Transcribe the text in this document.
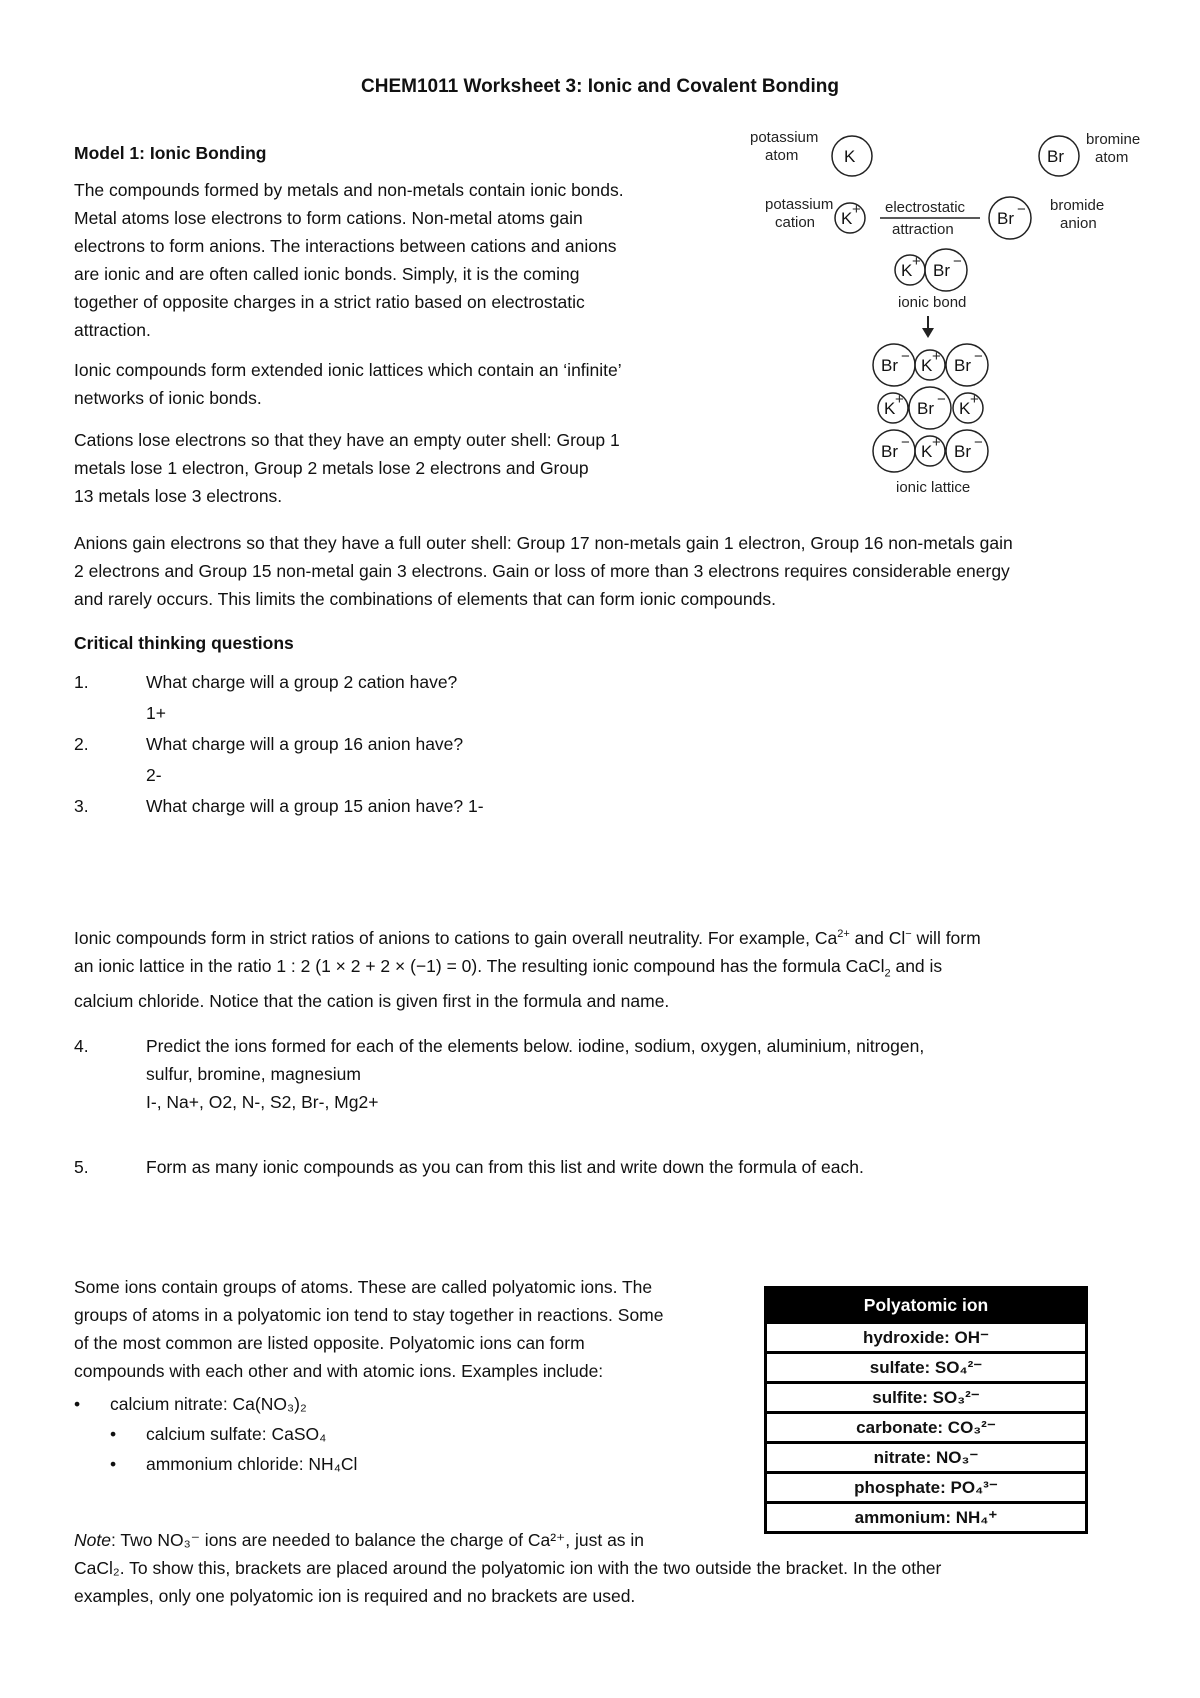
CHEM1011 Worksheet 3: Ionic and Covalent Bonding
Model 1: Ionic Bonding
The compounds formed by metals and non-metals contain ionic bonds.
Metal atoms lose electrons to form cations. Non-metal atoms gain
electrons to form anions. The interactions between cations and anions
are ionic and are often called ionic bonds. Simply, it is the coming
together of opposite charges in a strict ratio based on electrostatic
attraction.
Ionic compounds form extended ionic lattices which contain an ‘infinite’
networks of ionic bonds.
Cations lose electrons so that they have an empty outer shell: Group 1
metals lose 1 electron, Group 2 metals lose 2 electrons and Group
13 metals lose 3 electrons.
potassium
atom	K	Br
bromine
atom
potassium
cation K + electrostatic
attraction
Br − bromide
anion
K + Br −
ionic bond
Br − K + Br −
K + Br − K +
Br − K + Br −
ionic lattice
Anions gain electrons so that they have a full outer shell: Group 17 non-metals gain 1 electron, Group 16 non-metals gain
2 electrons and Group 15 non-metal gain 3 electrons. Gain or loss of more than 3 electrons requires considerable energy
and rarely occurs. This limits the combinations of elements that can form ionic compounds.
Critical thinking questions
1.	What charge will a group 2 cation have?
1+
2.	What charge will a group 16 anion have?
2-
3.	What charge will a group 15 anion have? 1-
Ionic compounds form in strict ratios of anions to cations to gain overall neutrality. For example, $Ca^{2+}$ and Cl− will form
an ionic lattice in the ratio 1 : 2 (1 × 2 + 2 × (−1) = 0). The resulting ionic compound has the formula CaCl$_2$ and is
calcium chloride. Notice that the cation is given first in the formula and name.
4.	Predict the ions formed for each of the elements below. iodine, sodium, oxygen, aluminium, nitrogen,
sulfur, bromine, magnesium
I-, Na+, O2, N-, S2, Br-, Mg2+
5.	Form as many ionic compounds as you can from this list and write down the formula of each.
Some ions contain groups of atoms. These are called polyatomic ions. The
groups of atoms in a polyatomic ion tend to stay together in reactions. Some
of the most common are listed opposite. Polyatomic ions can form
compounds with each other and with atomic ions. Examples include:
• calcium nitrate: Ca(NO₃)₂
• calcium sulfate: CaSO₄
• ammonium chloride: NH₄Cl
Note: Two NO₃⁻ ions are needed to balance the charge of Ca²⁺, just as in
CaCl₂. To show this, brackets are placed around the polyatomic ion with the two outside the bracket. In the other
examples, only one polyatomic ion is required and no brackets are used.
Polyatomic ion
hydroxide: OH⁻
sulfate: SO₄²⁻
sulfite: SO₃²⁻
carbonate: CO₃²⁻
nitrate: NO₃⁻
phosphate: PO₄³⁻
ammonium: NH₄⁺
